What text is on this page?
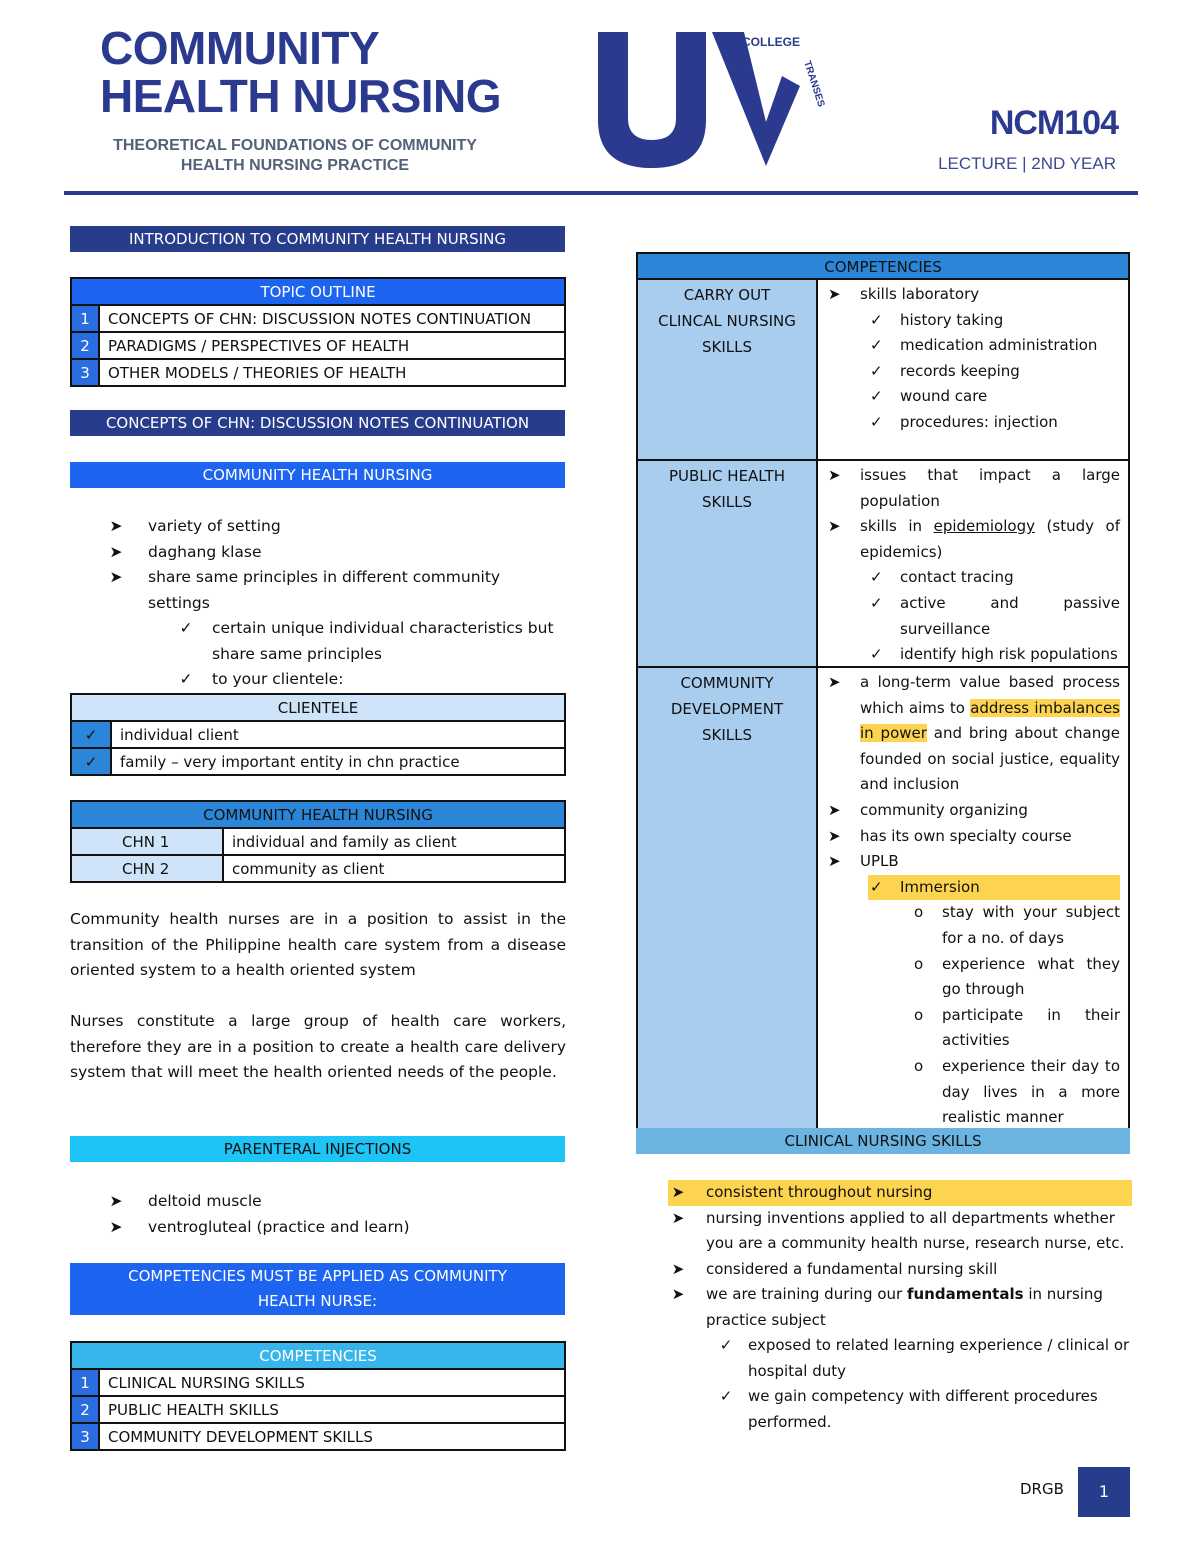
COMMUNITY
HEALTH NURSING
THEORETICAL FOUNDATIONS OF COMMUNITY
HEALTH NURSING PRACTICE
COLLEGE
TRANSES
NCM104
LECTURE | 2ND YEAR
INTRODUCTION TO COMMUNITY HEALTH NURSING
TOPIC OUTLINE	
1	CONCEPTS OF CHN: DISCUSSION NOTES CONTINUATION
2	PARADIGMS / PERSPECTIVES OF HEALTH
3	OTHER MODELS / THEORIES OF HEALTH
CONCEPTS OF CHN: DISCUSSION NOTES CONTINUATION
COMMUNITY HEALTH NURSING
➤ variety of setting
➤ daghang klase
➤ share same principles in different community settings
✓ certain unique individual characteristics but
share same principles
✓ to your clientele:
CLIENTELE	
✓	individual client
✓	family – very important entity in chn practice
COMMUNITY HEALTH NURSING	
CHN 1	individual and family as client
CHN 2	community as client
Community health nurses are in a position to assist in the transition of the Philippine health care system from a disease oriented system to a health oriented system
Nurses constitute a large group of health care workers, therefore they are in a position to create a health care delivery system that will meet the health oriented needs of the people.
PARENTERAL INJECTIONS
➤ deltoid muscle
➤ ventrogluteal (practice and learn)
COMPETENCIES MUST BE APPLIED AS COMMUNITY
HEALTH NURSE:
COMPETENCIES	
1	CLINICAL NURSING SKILLS
2	PUBLIC HEALTH SKILLS
3	COMMUNITY DEVELOPMENT SKILLS
COMPETENCIES
CARRY OUT
CLINCAL NURSING
SKILLS
➤ skills laboratory
✓ history taking
✓ medication administration
✓ records keeping
✓ wound care
✓ procedures: injection
PUBLIC HEALTH
SKILLS
➤ issues that impact a large population
➤ skills in epidemiology (study of epidemics)
✓ contact tracing
✓ active and passive surveillance
✓ identify high risk populations
COMMUNITY
DEVELOPMENT
SKILLS
➤ a long-term value based process which aims to address imbalances in power and bring about change founded on social justice, equality and inclusion
➤ community organizing
➤ has its own specialty course
➤ UPLB
✓ Immersion
o stay with your subject for a no. of days
o experience what they go through
o participate in their activities
o experience their day to day lives in a more realistic manner
CLINICAL NURSING SKILLS
➤ consistent throughout nursing
➤ nursing inventions applied to all departments whether you are a community health nurse, research nurse, etc.
➤ considered a fundamental nursing skill
➤ we are training during our fundamentals in nursing practice subject
✓ exposed to related learning experience / clinical or hospital duty
✓ we gain competency with different procedures performed.
DRGB	1
